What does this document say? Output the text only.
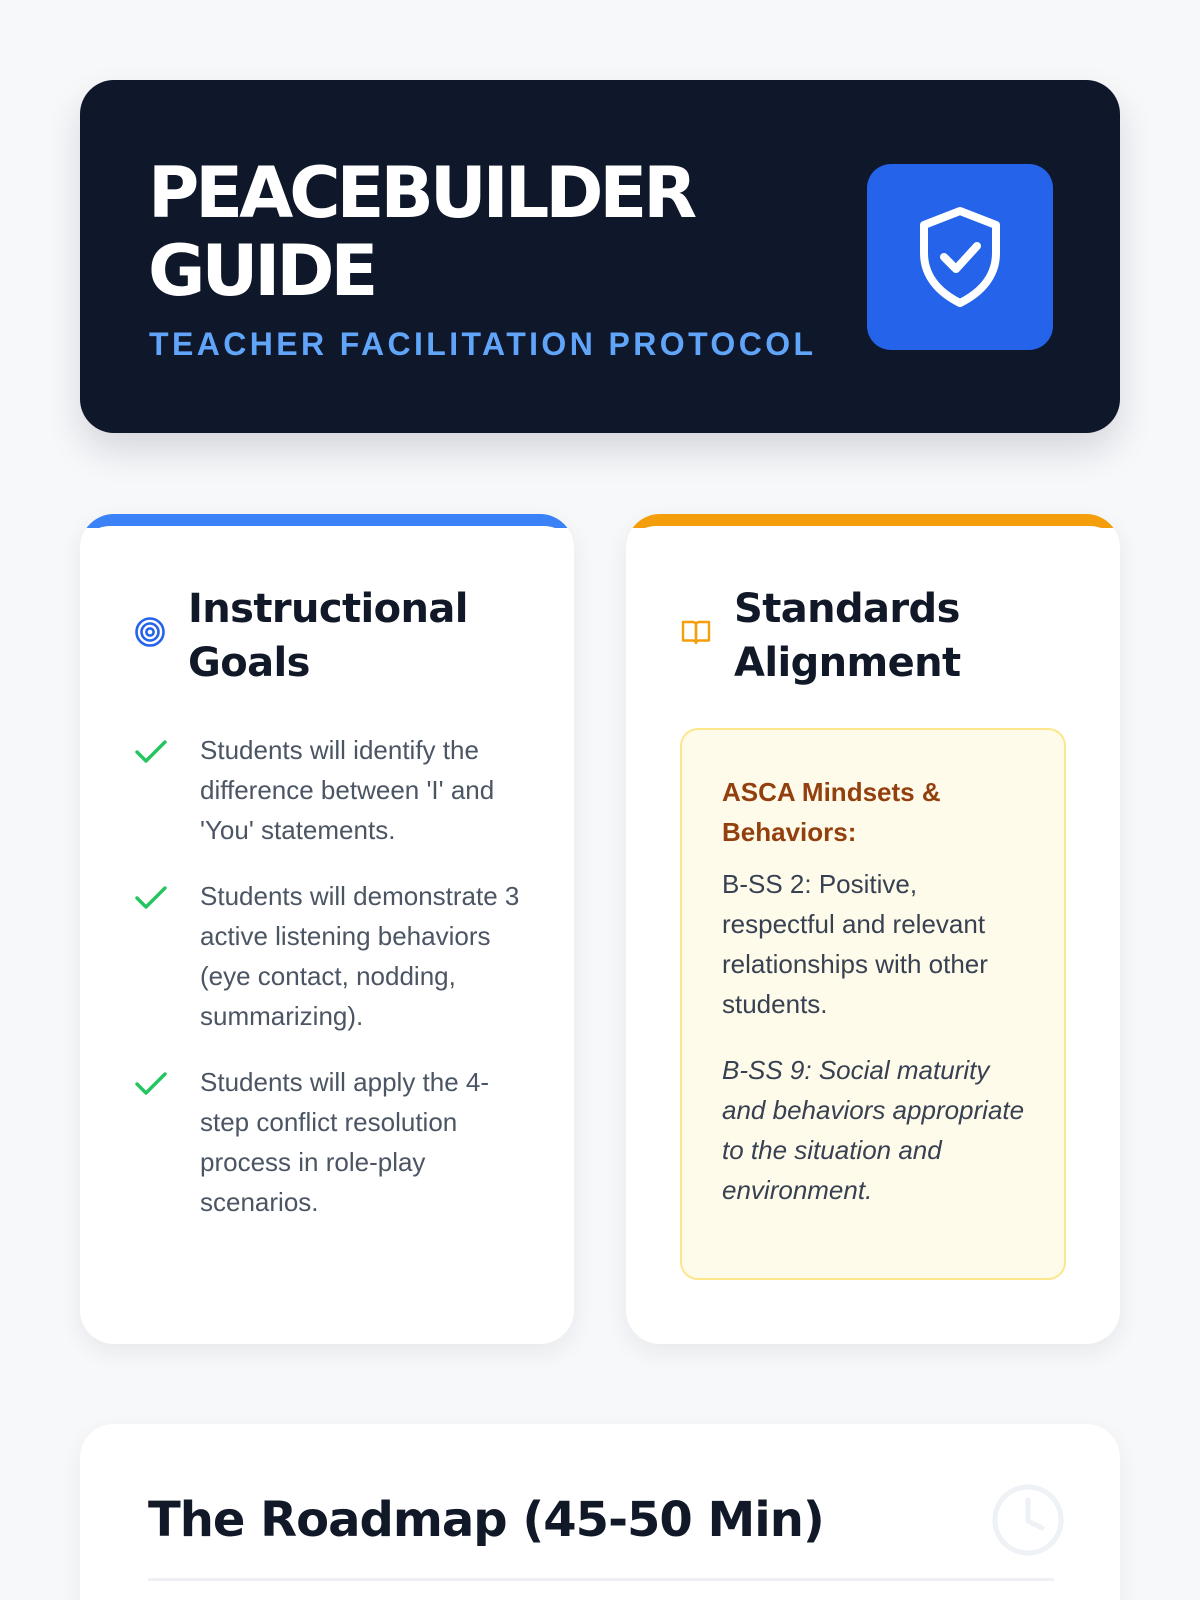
PEACEBUILDER GUIDE
TEACHER FACILITATION PROTOCOL
Instructional Goals
Students will identify the difference between 'I' and 'You' statements.
Students will demonstrate 3 active listening behaviors (eye contact, nodding, summarizing).
Students will apply the 4-step conflict resolution process in role-play scenarios.
Standards Alignment
ASCA Mindsets & Behaviors:
B-SS 2: Positive, respectful and relevant relationships with other students.
B-SS 9: Social maturity and behaviors appropriate to the situation and environment.
The Roadmap (45-50 Min)
